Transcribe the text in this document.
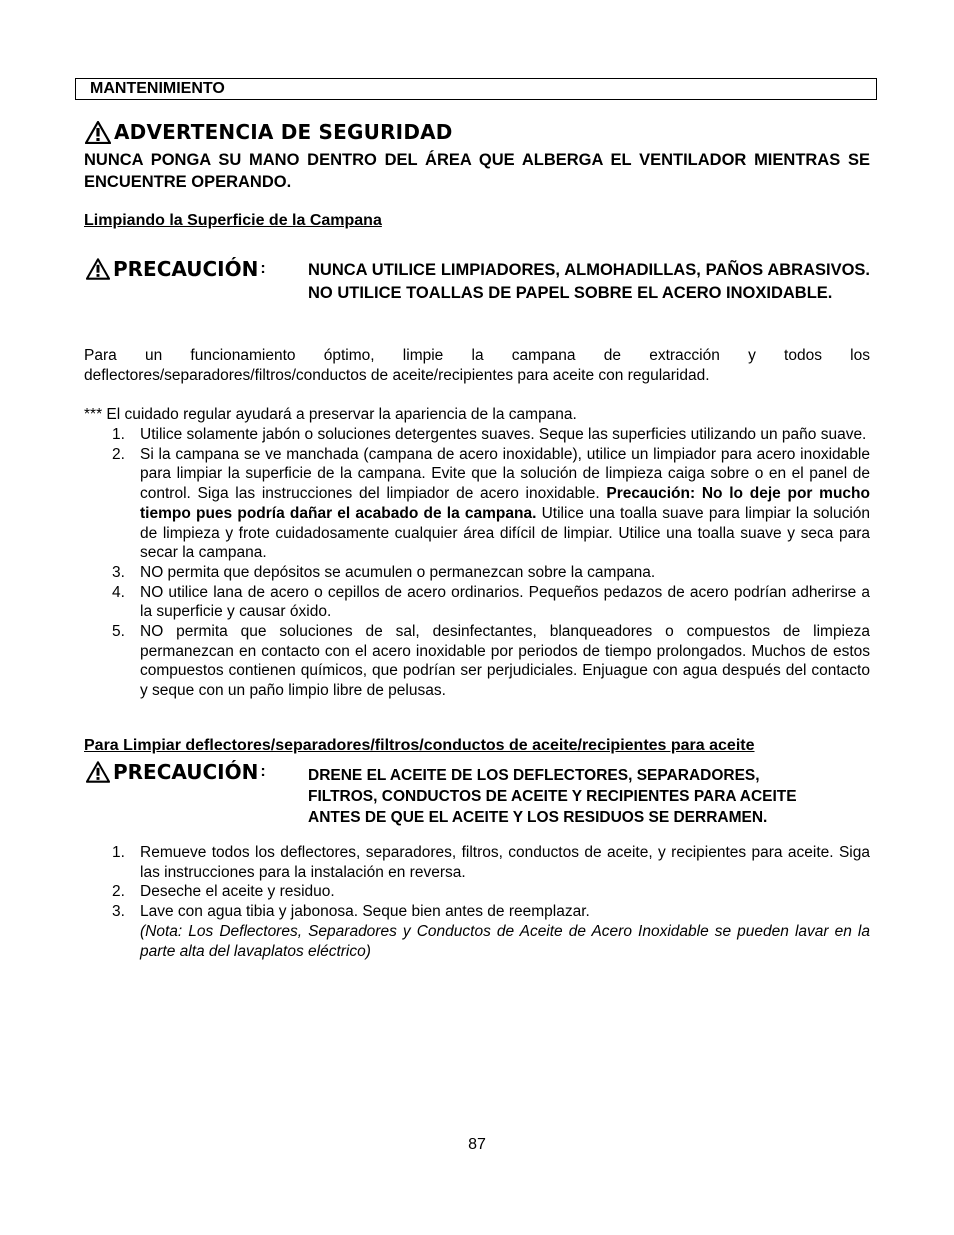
MANTENIMIENTO
ADVERTENCIA DE SEGURIDAD
NUNCA PONGA SU MANO DENTRO DEL ÁREA QUE ALBERGA EL VENTILADOR MIENTRAS SE ENCUENTRE OPERANDO.
Limpiando la Superficie de la Campana
PRECAUCIÓN :	NUNCA UTILICE LIMPIADORES, ALMOHADILLAS, PAÑOS ABRASIVOS. NO UTILICE TOALLAS DE PAPEL SOBRE EL ACERO INOXIDABLE.
Para un funcionamiento óptimo, limpie la campana de extracción y todos los deflectores/separadores/filtros/conductos de aceite/recipientes para aceite con regularidad.
*** El cuidado regular ayudará a preservar la apariencia de la campana.
1. Utilice solamente jabón o soluciones detergentes suaves. Seque las superficies utilizando un paño suave.
2. Si la campana se ve manchada (campana de acero inoxidable), utilice un limpiador para acero inoxidable para limpiar la superficie de la campana. Evite que la solución de limpieza caiga sobre o en el panel de control. Siga las instrucciones del limpiador de acero inoxidable. Precaución: No lo deje por mucho tiempo pues podría dañar el acabado de la campana. Utilice una toalla suave para limpiar la solución de limpieza y frote cuidadosamente cualquier área difícil de limpiar. Utilice una toalla suave y seca para secar la campana.
3. NO permita que depósitos se acumulen o permanezcan sobre la campana.
4. NO utilice lana de acero o cepillos de acero ordinarios. Pequeños pedazos de acero podrían adherirse a la superficie y causar óxido.
5. NO permita que soluciones de sal, desinfectantes, blanqueadores o compuestos de limpieza permanezcan en contacto con el acero inoxidable por periodos de tiempo prolongados. Muchos de estos compuestos contienen químicos, que podrían ser perjudiciales. Enjuague con agua después del contacto y seque con un paño limpio libre de pelusas.
Para Limpiar deflectores/separadores/filtros/conductos de aceite/recipientes para aceite
PRECAUCIÓN :	DRENE EL ACEITE DE LOS DEFLECTORES, SEPARADORES,
FILTROS, CONDUCTOS DE ACEITE Y RECIPIENTES PARA ACEITE
ANTES DE QUE EL ACEITE Y LOS RESIDUOS SE DERRAMEN.
1. Remueve todos los deflectores, separadores, filtros, conductos de aceite, y recipientes para aceite. Siga las instrucciones para la instalación en reversa.
2. Deseche el aceite y residuo.
3. Lave con agua tibia y jabonosa. Seque bien antes de reemplazar.
(Nota: Los Deflectores, Separadores y Conductos de Aceite de Acero Inoxidable se pueden lavar en la parte alta del lavaplatos eléctrico)
87
